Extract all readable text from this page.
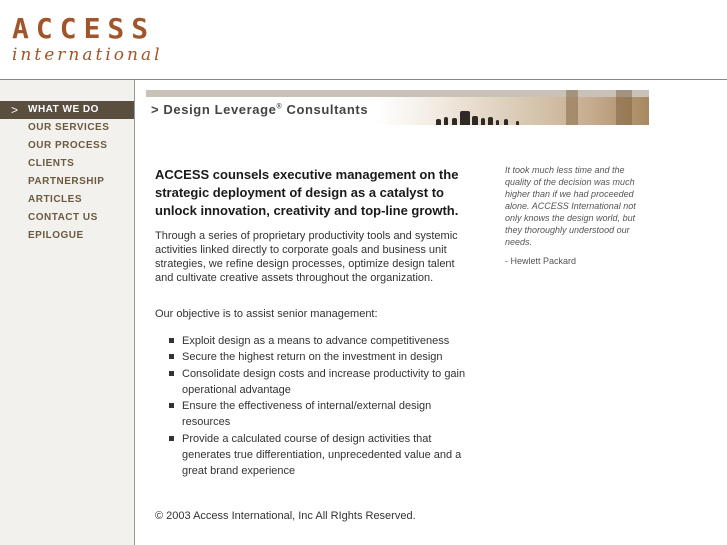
ACCESS
international
> WHAT WE DO
OUR SERVICES
OUR PROCESS
CLIENTS
PARTNERSHIP
ARTICLES
CONTACT US
EPILOGUE
> Design Leverage® Consultants

ACCESS counsels executive management on the strategic deployment of design as a catalyst to unlock innovation, creativity and top-line growth.

Through a series of proprietary productivity tools and systemic activities linked directly to corporate goals and business unit strategies, we refine design processes, optimize design talent and cultivate creative assets throughout the organization.

Our objective is to assist senior management:

Exploit design as a means to advance competitiveness
Secure the highest return on the investment in design
Consolidate design costs and increase productivity to gain operational advantage
Ensure the effectiveness of internal/external design resources
Provide a calculated course of design activities that generates true differentiation, unprecedented value and a great brand experience

It took much less time and the quality of the decision was much higher than if we had proceeded alone. ACCESS International not only knows the design world, but they thoroughly understood our needs.

- Hewlett Packard

© 2003 Access International, Inc All RIghts Reserved.
